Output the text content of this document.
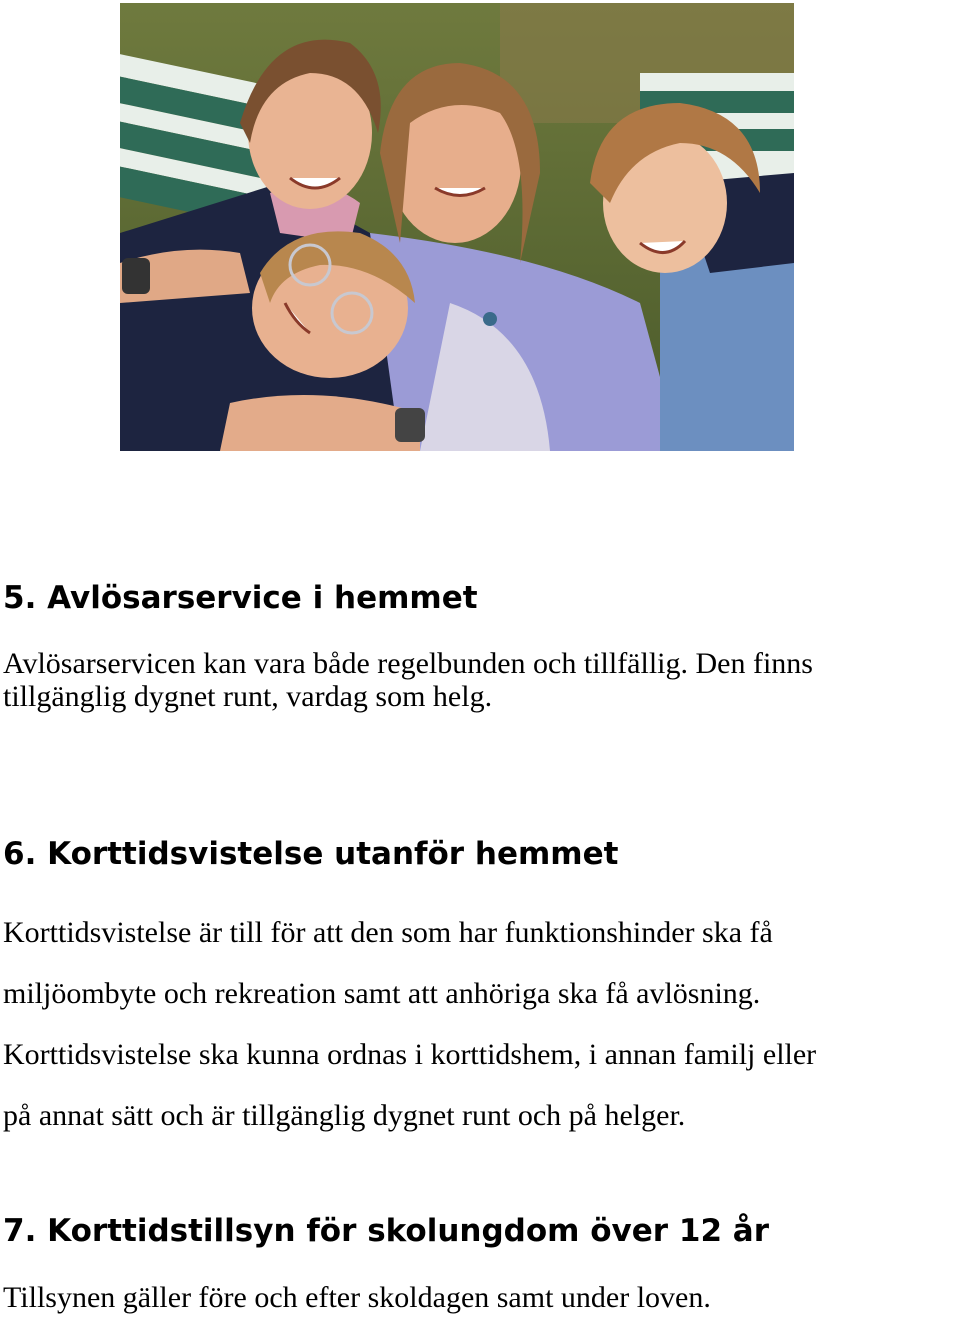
5. Avlösarservice i hemmet

Avlösarservicen kan vara både regelbunden och tillfällig. Den finns
tillgänglig dygnet runt, vardag som helg.

6. Korttidsvistelse utanför hemmet

Korttidsvistelse är till för att den som har funktionshinder ska få
miljöombyte och rekreation samt att anhöriga ska få avlösning.
Korttidsvistelse ska kunna ordnas i korttidshem, i annan familj eller
på annat sätt och är tillgänglig dygnet runt och på helger.

7. Korttidstillsyn för skolungdom över 12 år

Tillsynen gäller före och efter skoldagen samt under loven.
